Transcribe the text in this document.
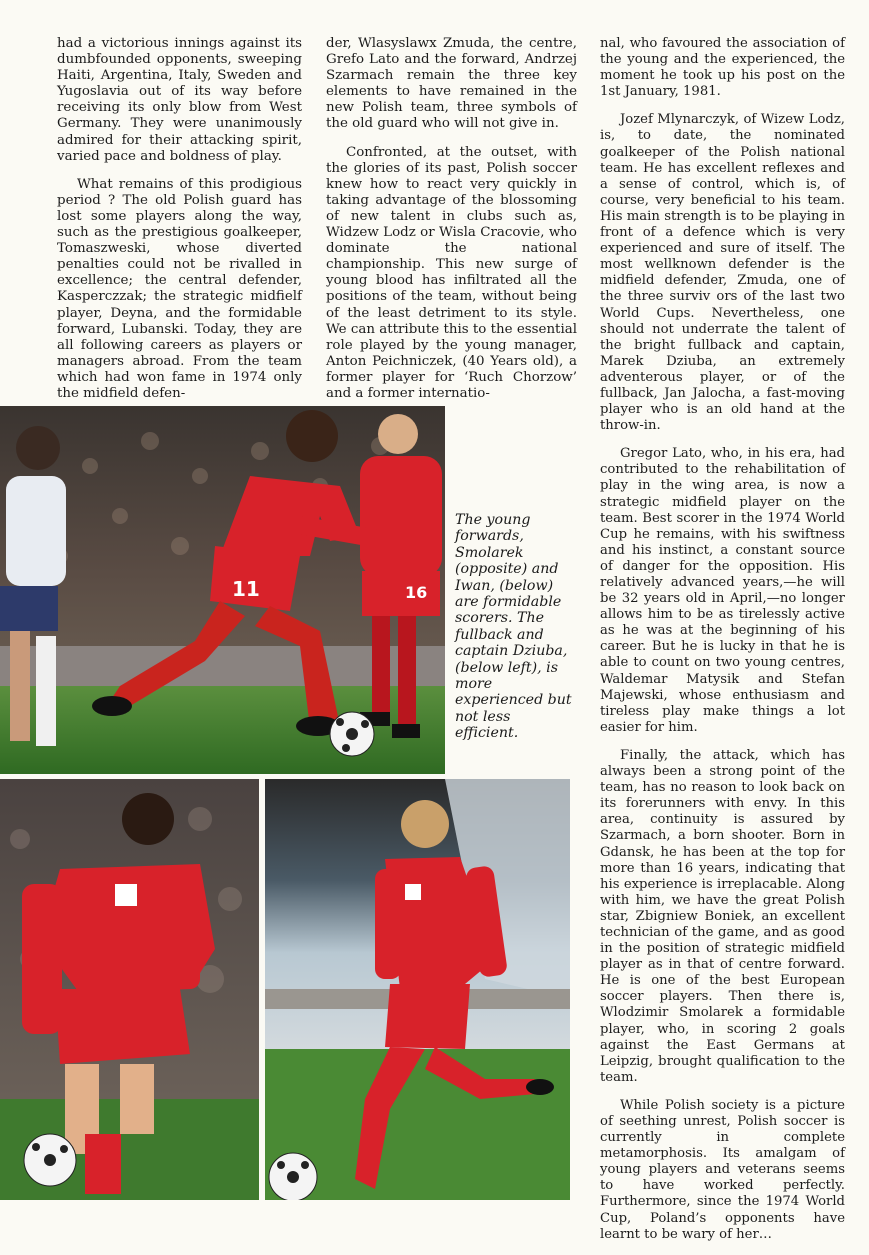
had a victorious innings against its dumbfounded opponents, sweeping Haiti, Argentina, Italy, Sweden and Yugoslavia out of its way before receiving its only blow from West Germany. They were unanimously admired for their attacking spirit, varied pace and boldness of play.

What remains of this prodigious period ? The old Polish guard has lost some players along the way, such as the prestigious goalkeeper, Tomaszweski, whose diverted penalties could not be rivalled in excellence; the central defender, Kasperczzak; the strategic midfielf player, Deyna, and the formidable forward, Lubanski. Today, they are all following careers as players or managers abroad. From the team which had won fame in 1974 only the midfield defen-

der, Wlasyslawx Zmuda, the centre, Grefo Lato and the forward, Andrzej Szarmach remain the three key elements to have remained in the new Polish team, three symbols of the old guard who will not give in.

Confronted, at the outset, with the glories of its past, Polish soccer knew how to react very quickly in taking advantage of the blossoming of new talent in clubs such as, Widzew Lodz or Wisla Cracovie, who dominate the national championship. This new surge of young blood has infiltrated all the positions of the team, without being of the least detriment to its style. We can attribute this to the essential role played by the young manager, Anton Peichniczek, (40 Years old), a former player for ‘Ruch Chorzow’ and a former internatio-

nal, who favoured the association of the young and the experienced, the moment he took up his post on the 1st January, 1981.

Jozef Mlynarczyk, of Wizew Lodz, is, to date, the nominated goalkeeper of the Polish national team. He has excellent reflexes and a sense of control, which is, of course, very beneficial to his team. His main strength is to be playing in front of a defence which is very experienced and sure of itself. The most wellknown defender is the midfield defender, Zmuda, one of the three surviv ors of the last two World Cups. Nevertheless, one should not underrate the talent of the bright fullback and captain, Marek Dziuba, an extremely adventerous player, or of the fullback, Jan Jalocha, a fast-moving player who is an old hand at the throw-in.

Gregor Lato, who, in his era, had contributed to the rehabilitation of play in the wing area, is now a strategic midfield player on the team. Best scorer in the 1974 World Cup he remains, with his swiftness and his instinct, a constant source of danger for the opposition. His relatively advanced years,—he will be 32 years old in April,—no longer allows him to be as tirelessly active as he was at the beginning of his career. But he is lucky in that he is able to count on two young centres, Waldemar Matysik and Stefan Majewski, whose enthusiasm and tireless play make things a lot easier for him.

Finally, the attack, which has always been a strong point of the team, has no reason to look back on its forerunners with envy. In this area, continuity is assured by Szarmach, a born shooter. Born in Gdansk, he has been at the top for more than 16 years, indicating that his experience is irreplacable. Along with him, we have the great Polish star, Zbigniew Boniek, an excellent technician of the game, and as good in the position of strategic midfield player as in that of centre forward. He is one of the best European soccer players. Then there is, Wlodzimir Smolarek a formidable player, who, in scoring 2 goals against the East Germans at Leipzig, brought qualification to the team.

While Polish society is a picture of seething unrest, Polish soccer is currently in complete metamorphosis. Its amalgam of young players and veterans seems to have worked perfectly. Furthermore, since the 1974 World Cup, Poland’s opponents have learnt to be wary of her…

16
11
The young forwards, Smolarek (opposite) and Iwan, (below) are formidable scorers. The fullback and captain Dziuba, (below left), is more experienced but not less efficient.
